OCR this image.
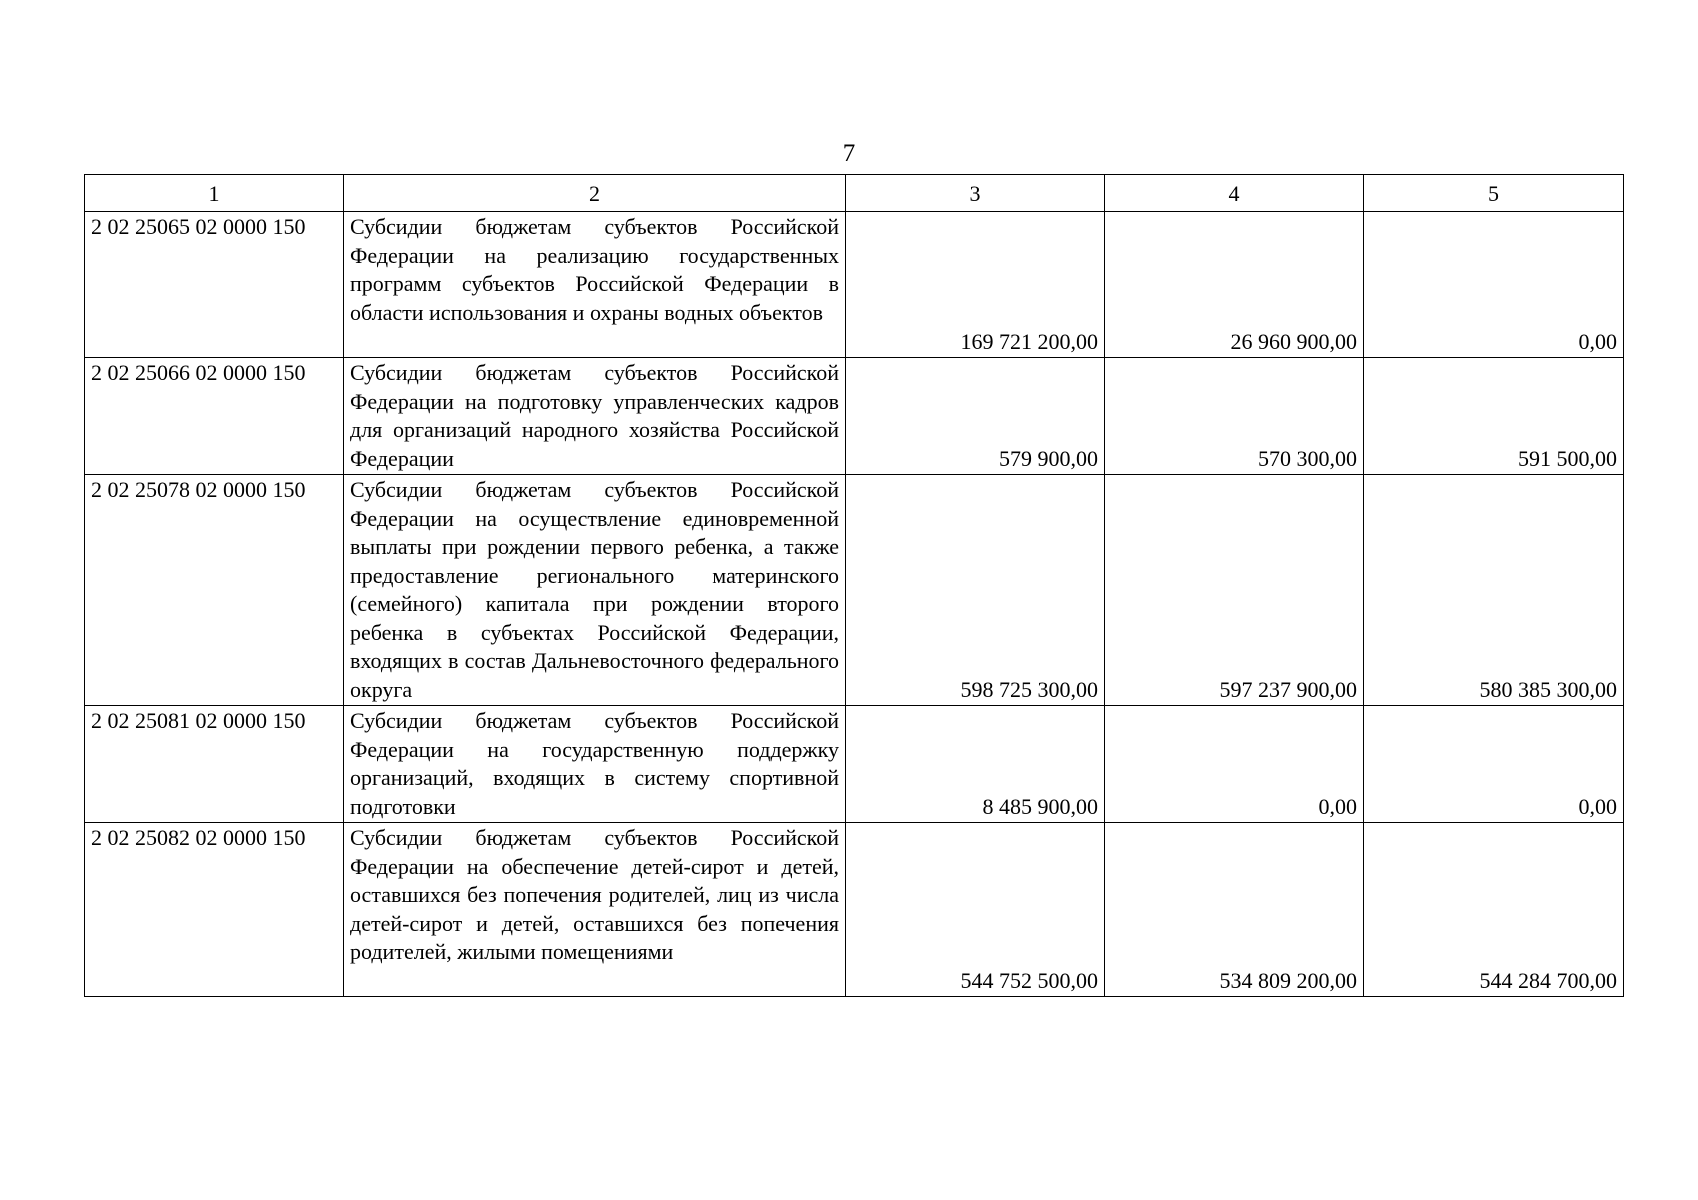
7
1	2	3	4	5
2 02 25065 02 0000 150	Субсидии бюджетам субъектов Российской Федерации на реализацию государственных программ субъектов Российской Федерации в области использования и охраны водных объектов	169 721 200,00	26 960 900,00	0,00
2 02 25066 02 0000 150	Субсидии бюджетам субъектов Российской Федерации на подготовку управленческих кадров для организаций народного хозяйства Российской Федерации	579 900,00	570 300,00	591 500,00
2 02 25078 02 0000 150	Субсидии бюджетам субъектов Российской Федерации на осуществление единовременной выплаты при рождении первого ребенка, а также предоставление регионального материнского (семейного) капитала при рождении второго ребенка в субъектах Российской Федерации, входящих в состав Дальневосточного федерального округа	598 725 300,00	597 237 900,00	580 385 300,00
2 02 25081 02 0000 150	Субсидии бюджетам субъектов Российской Федерации на государственную поддержку организаций, входящих в систему спортивной подготовки	8 485 900,00	0,00	0,00
2 02 25082 02 0000 150	Субсидии бюджетам субъектов Российской Федерации на обеспечение детей-сирот и детей, оставшихся без попечения родителей, лиц из числа детей-сирот и детей, оставшихся без попечения родителей, жилыми помещениями	544 752 500,00	534 809 200,00	544 284 700,00
